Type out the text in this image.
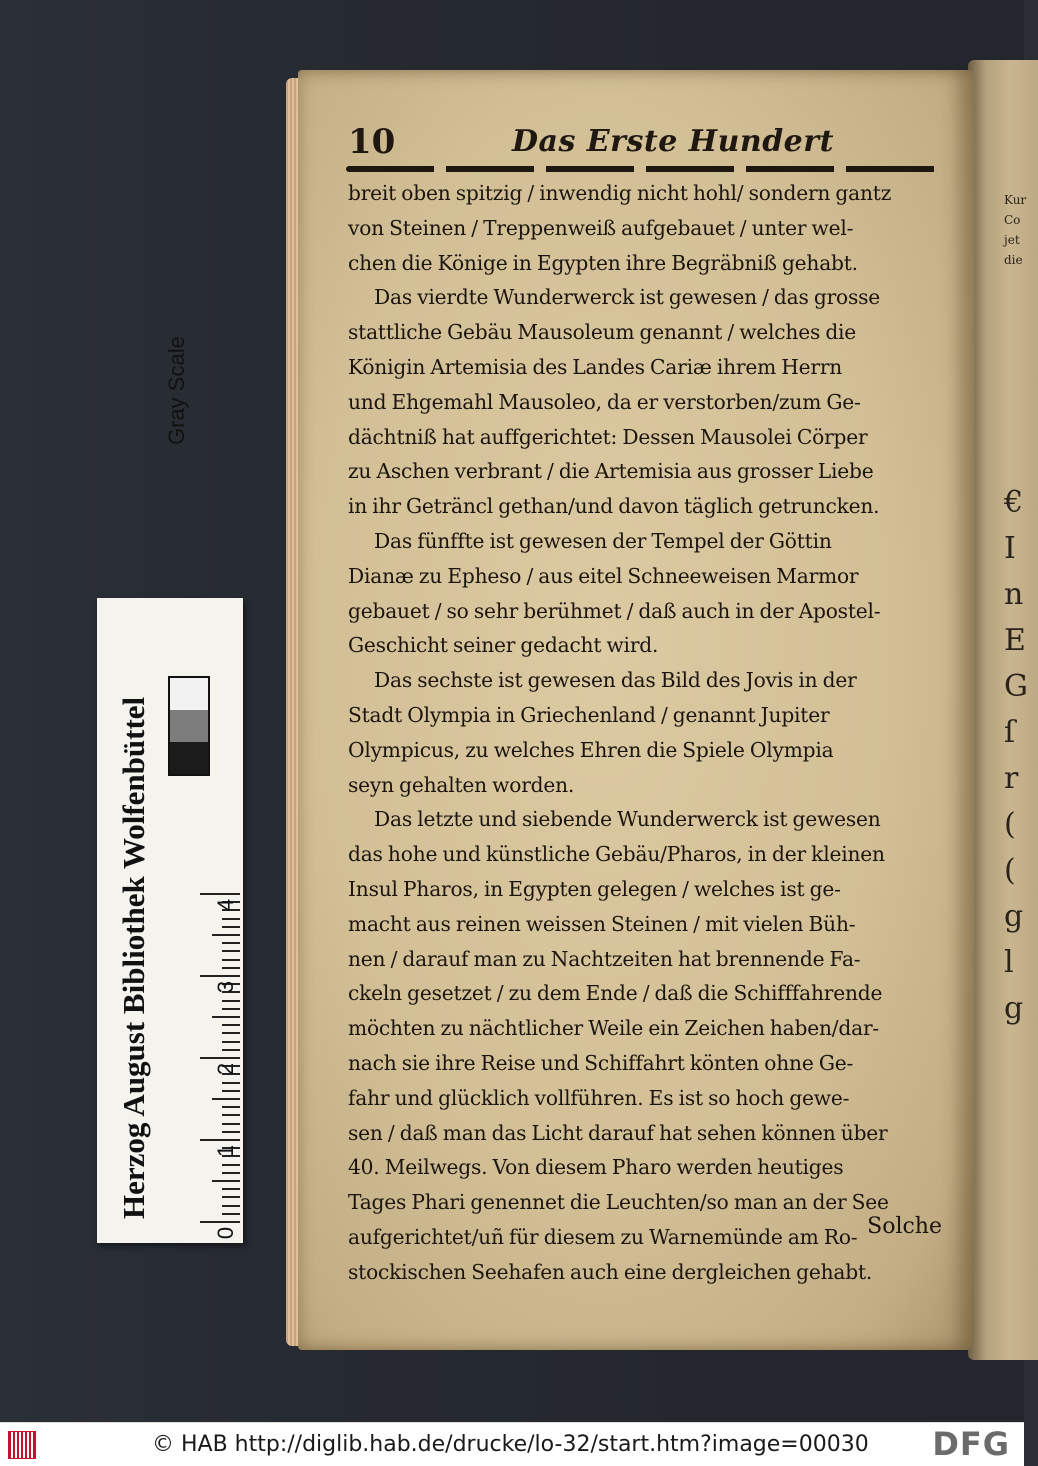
Kur
Co
jet
die
€
I
n
E
G
ſ
r
(
(
g
l
g
10	Das Erste Hundert
breit oben spitzig / inwendig nicht hohl/ sondern gantz
von Steinen / Treppenweiß aufgebauet / unter wel-
chen die Könige in Egypten ihre Begräbniß gehabt.
Das vierdte Wunderwerck ist gewesen / das grosse
stattliche Gebäu Mausoleum genannt / welches die
Königin Artemisia des Landes Cariæ ihrem Herrn
und Ehgemahl Mausoleo, da er verstorben/zum Ge-
dächtniß hat auffgerichtet: Dessen Mausolei Cörper
zu Aschen verbrant / die Artemisia aus grosser Liebe
in ihr Geträncl gethan/und davon täglich getruncken.
Das fünffte ist gewesen der Tempel der Göttin
Dianæ zu Epheso / aus eitel Schneeweisen Marmor
gebauet / so sehr berühmet / daß auch in der Apostel-
Geschicht seiner gedacht wird.
Das sechste ist gewesen das Bild des Jovis in der
Stadt Olympia in Griechenland / genannt Jupiter
Olympicus, zu welches Ehren die Spiele Olympia
seyn gehalten worden.
Das letzte und siebende Wunderwerck ist gewesen
das hohe und künstliche Gebäu/Pharos, in der kleinen
Insul Pharos, in Egypten gelegen / welches ist ge-
macht aus reinen weissen Steinen / mit vielen Büh-
nen / darauf man zu Nachtzeiten hat brennende Fa-
ckeln gesetzet / zu dem Ende / daß die Schifffahrende
möchten zu nächtlicher Weile ein Zeichen haben/dar-
nach sie ihre Reise und Schiffahrt könten ohne Ge-
fahr und glücklich vollführen. Es ist so hoch gewe-
sen / daß man das Licht darauf hat sehen können über
40. Meilwegs. Von diesem Pharo werden heutiges
Tages Phari genennet die Leuchten/so man an der See
aufgerichtet/uñ für diesem zu Warnemünde am Ro-
stockischen Seehafen auch eine dergleichen gehabt.
Solche
Herzog August Bibliothek Wolfenbüttel
Gray Scale
0
1
2
3
4
© HAB http://diglib.hab.de/drucke/lo-32/start.htm?image=00030 DFG
